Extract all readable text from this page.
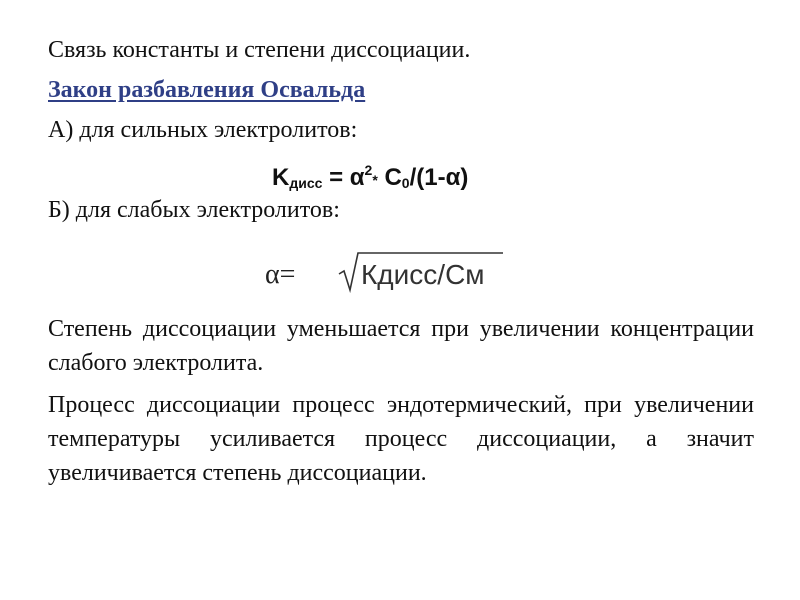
Связь константы и степени диссоциации.
Закон разбавления Освальда
А) для сильных электролитов:
$K_{дисс} = \alpha^2*$ $C_0/(1-\alpha)$
Б) для слабых электролитов:
α= Кдисс/См

Степень диссоциации уменьшается при увеличении концентрации слабого электролита.

Процесс диссоциации процесс эндотермический, при увеличении температуры усиливается процесс диссоциации, а значит увеличивается степень диссоциации.
